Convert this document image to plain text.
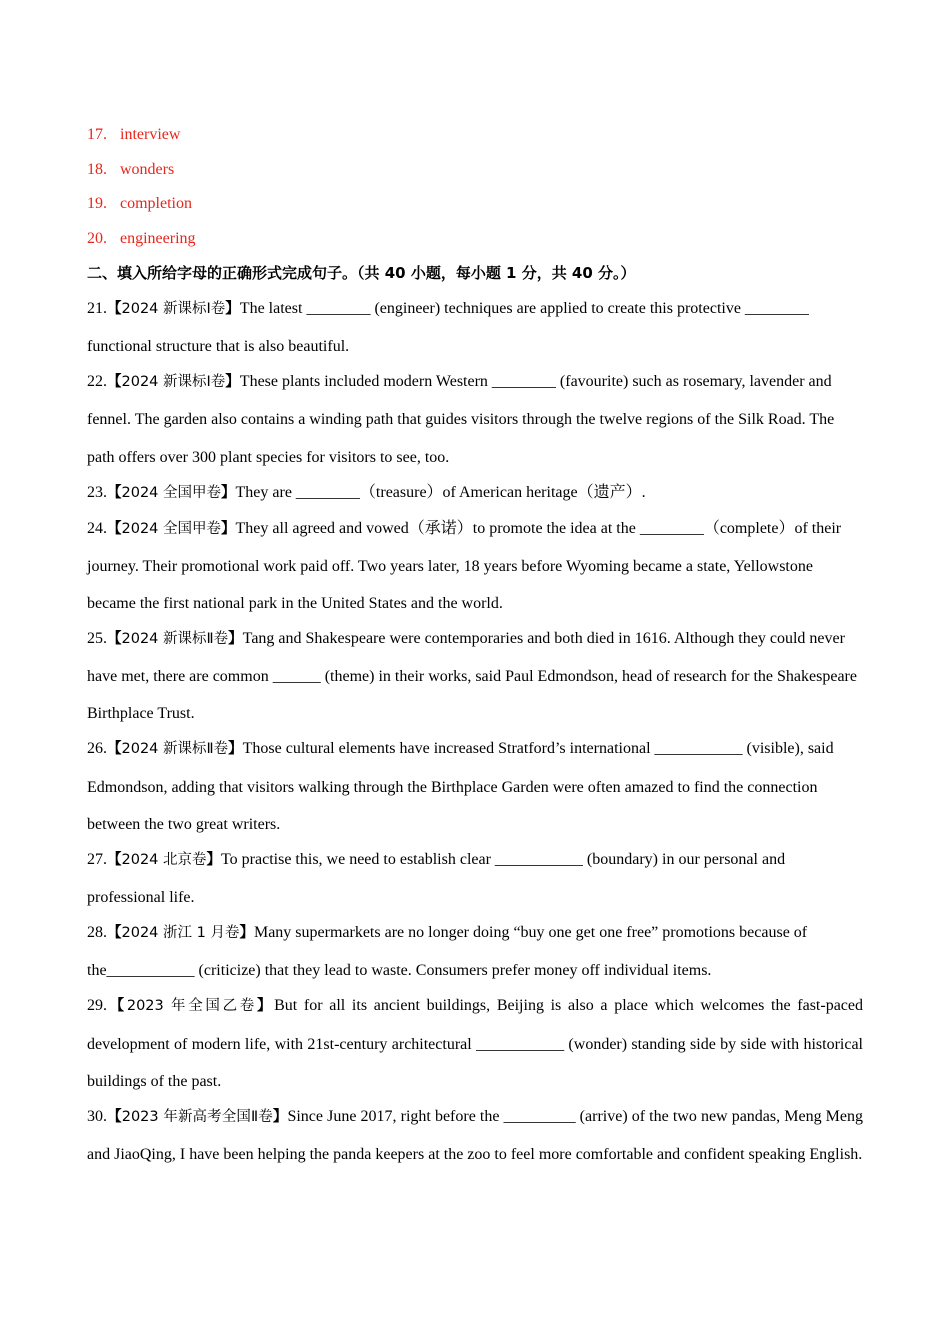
17. interview
18. wonders
19. completion
20. engineering
二、填入所给字母的正确形式完成句子。（共 40 小题，每小题 1 分，共 40 分。）
21.【2024 新课标Ⅰ卷】The latest ________ (engineer) techniques are applied to create this protective ________ functional structure that is also beautiful.
22.【2024 新课标Ⅰ卷】These plants included modern Western ________ (favourite) such as rosemary, lavender and fennel. The garden also contains a winding path that guides visitors through the twelve regions of the Silk Road. The path offers over 300 plant species for visitors to see, too.
23.【2024 全国甲卷】They are ________（treasure）of American heritage（遗产）.
24.【2024 全国甲卷】They all agreed and vowed（承诺）to promote the idea at the ________（complete）of their journey. Their promotional work paid off. Two years later, 18 years before Wyoming became a state, Yellowstone became the first national park in the United States and the world.
25.【2024 新课标Ⅱ卷】Tang and Shakespeare were contemporaries and both died in 1616. Although they could never have met, there are common ______ (theme) in their works, said Paul Edmondson, head of research for the Shakespeare Birthplace Trust.
26.【2024 新课标Ⅱ卷】Those cultural elements have increased Stratford’s international ___________ (visible), said Edmondson, adding that visitors walking through the Birthplace Garden were often amazed to find the connection between the two great writers.
27.【2024 北京卷】To practise this, we need to establish clear ___________ (boundary) in our personal and professional life.
28.【2024 浙江 1 月卷】Many supermarkets are no longer doing “buy one get one free” promotions because of the___________ (criticize) that they lead to waste. Consumers prefer money off individual items.
29.【2023 年全国乙卷】But for all its ancient buildings, Beijing is also a place which welcomes the fast-paced development of modern life, with 21st-century architectural ___________ (wonder) standing side by side with historical buildings of the past.
30.【2023 年新高考全国Ⅱ卷】Since June 2017, right before the _________ (arrive) of the two new pandas, Meng Meng and JiaoQing, I have been helping the panda keepers at the zoo to feel more comfortable and confident speaking English.
